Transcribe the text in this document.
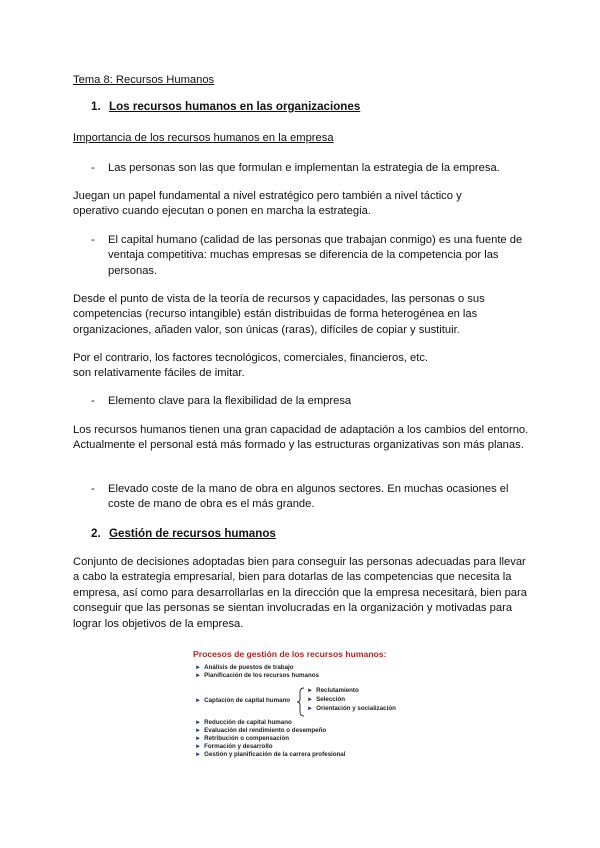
Tema 8: Recursos Humanos

1. Los recursos humanos en las organizaciones

Importancia de los recursos humanos en la empresa

- Las personas son las que formulan e implementan la estrategia de la empresa.

Juegan un papel fundamental a nivel estratégico pero también a nivel táctico y operativo cuando ejecutan o ponen en marcha la estrategia.

- El capital humano (calidad de las personas que trabajan conmigo) es una fuente de ventaja competitiva: muchas empresas se diferencia de la competencia por las personas.

Desde el punto de vista de la teoría de recursos y capacidades, las personas o sus competencias (recurso intangible) están distribuidas de forma heterogénea en las organizaciones, añaden valor, son únicas (raras), difíciles de copiar y sustituir.

Por el contrario, los factores tecnológicos, comerciales, financieros, etc. son relativamente fáciles de imitar.

- Elemento clave para la flexibilidad de la empresa

Los recursos humanos tienen una gran capacidad de adaptación a los cambios del entorno. Actualmente el personal está más formado y las estructuras organizativas son más planas.

- Elevado coste de la mano de obra en algunos sectores. En muchas ocasiones el coste de mano de obra es el más grande.

2. Gestión de recursos humanos

Conjunto de decisiones adoptadas bien para conseguir las personas adecuadas para llevar a cabo la estrategia empresarial, bien para dotarlas de las competencias que necesita la empresa, así como para desarrollarlas en la dirección que la empresa necesitará, bien para conseguir que las personas se sientan involucradas en la organización y motivadas para lograr los objetivos de la empresa.

Procesos de gestión de los recursos humanos:
► Análisis de puestos de trabajo
► Planificación de los recursos humanos
► Captación de capital humano
► Reclutamiento
► Selección
► Orientación y socialización
► Reducción de capital humano
► Evaluación del rendimiento o desempeño
► Retribución o compensación
► Formación y desarrollo
► Gestión y planificación de la carrera profesional
